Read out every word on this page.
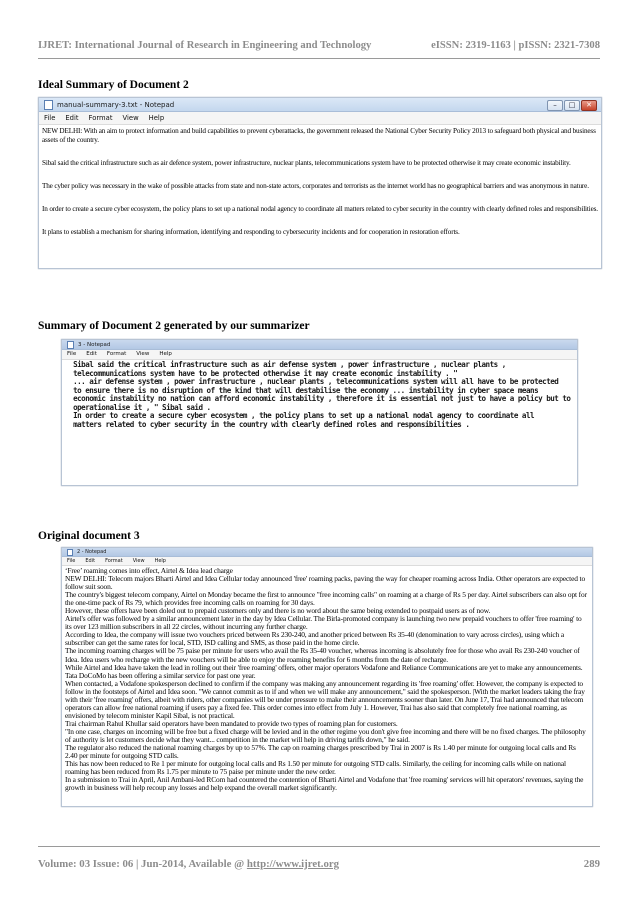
IJRET: International Journal of Research in Engineering and Technology	eISSN: 2319-1163 | pISSN: 2321-7308
Ideal Summary of Document 2
manual-summary-3.txt - Notepad	–	□	✕
File	Edit	Format	View	Help

NEW DELHI: With an aim to protect information and build capabilities to prevent cyberattacks, the government released the National Cyber Security Policy 2013 to safeguard both physical and business assets of the country.

Sibal said the critical infrastructure such as air defence system, power infrastructure, nuclear plants, telecommunications system have to be protected otherwise it may create economic instability.

The cyber policy was necessary in the wake of possible attacks from state and non-state actors, corporates and terrorists as the internet world has no geographical barriers and was anonymous in nature.

In order to create a secure cyber ecosystem, the policy plans to set up a national nodal agency to coordinate all matters related to cyber security in the country with clearly defined roles and responsibilities.

It plans to establish a mechanism for sharing information, identifying and responding to cybersecurity incidents and for cooperation in restoration efforts.

Summary of Document 2 generated by our summarizer
3 - Notepad
File	Edit	Format	View	Help
Sibal said the critical infrastructure such as air defense system , power infrastructure , nuclear plants ,
telecommunications system have to be protected otherwise it may create economic instability . "
... air defense system , power infrastructure , nuclear plants , telecommunications system will all have to be protected
to ensure there is no disruption of the kind that will destabilise the economy ... instability in cyber space means
economic instability no nation can afford economic instability , therefore it is essential not just to have a policy but to
operationalise it , " Sibal said .
In order to create a secure cyber ecosystem , the policy plans to set up a national nodal agency to coordinate all
matters related to cyber security in the country with clearly defined roles and responsibilities .
Original document 3
2 - Notepad
File	Edit	Format	View	Help

‘Free’ roaming comes into effect, Airtel & Idea lead charge

NEW DELHI: Telecom majors Bharti Airtel and Idea Cellular today announced 'free' roaming packs, paving the way for cheaper roaming across India. Other operators are expected to follow suit soon.

The country's biggest telecom company, Airtel on Monday became the first to announce "free incoming calls" on roaming at a charge of Rs 5 per day. Airtel subscribers can also opt for the one-time pack of Rs 79, which provides free incoming calls on roaming for 30 days.

However, these offers have been doled out to prepaid customers only and there is no word about the same being extended to postpaid users as of now.

Airtel's offer was followed by a similar announcement later in the day by Idea Cellular. The Birla-promoted company is launching two new prepaid vouchers to offer 'free roaming' to its over 123 million subscribers in all 22 circles, without incurring any further charge.

According to Idea, the company will issue two vouchers priced between Rs 230-240, and another priced between Rs 35-40 (denomination to vary across circles), using which a subscriber can get the same rates for local, STD, ISD calling and SMS, as those paid in the home circle.

The incoming roaming charges will be 75 paise per minute for users who avail the Rs 35-40 voucher, whereas incoming is absolutely free for those who avail Rs 230-240 voucher of Idea. Idea users who recharge with the new vouchers will be able to enjoy the roaming benefits for 6 months from the date of recharge.

While Airtel and Idea have taken the lead in rolling out their 'free roaming' offers, other major operators Vodafone and Reliance Communications are yet to make any announcements. Tata DoCoMo has been offering a similar service for past one year.

When contacted, a Vodafone spokesperson declined to confirm if the company was making any announcement regarding its 'free roaming' offer. However, the company is expected to follow in the footsteps of Airtel and Idea soon. "We cannot commit as to if and when we will make any announcement," said the spokesperson. |With the market leaders taking the fray with their 'free roaming' offers, albeit with riders, other companies will be under pressure to make their announcements sooner than later. On June 17, Trai had announced that telecom operators can allow free national roaming if users pay a fixed fee. This order comes into effect from July 1. However, Trai has also said that completely free national roaming, as envisioned by telecom minister Kapil Sibal, is not practical.

Trai chairman Rahul Khullar said operators have been mandated to provide two types of roaming plan for customers.

"In one case, charges on incoming will be free but a fixed charge will be levied and in the other regime you don't give free incoming and there will be no fixed charges. The philosophy of authority is let customers decide what they want... competition in the market will help in driving tariffs down," he said.

The regulator also reduced the national roaming charges by up to 57%. The cap on roaming charges prescribed by Trai in 2007 is Rs 1.40 per minute for outgoing local calls and Rs 2.40 per minute for outgoing STD calls.

This has now been reduced to Re 1 per minute for outgoing local calls and Rs 1.50 per minute for outgoing STD calls. Similarly, the ceiling for incoming calls while on national roaming has been reduced from Rs 1.75 per minute to 75 paise per minute under the new order.

In a submission to Trai in April, Anil Ambani-led RCom had countered the contention of Bharti Airtel and Vodafone that 'free roaming' services will hit operators' revenues, saying the growth in business will help recoup any losses and help expand the overall market significantly.

Volume: 03 Issue: 06 | Jun-2014, Available @ http://www.ijret.org	289
